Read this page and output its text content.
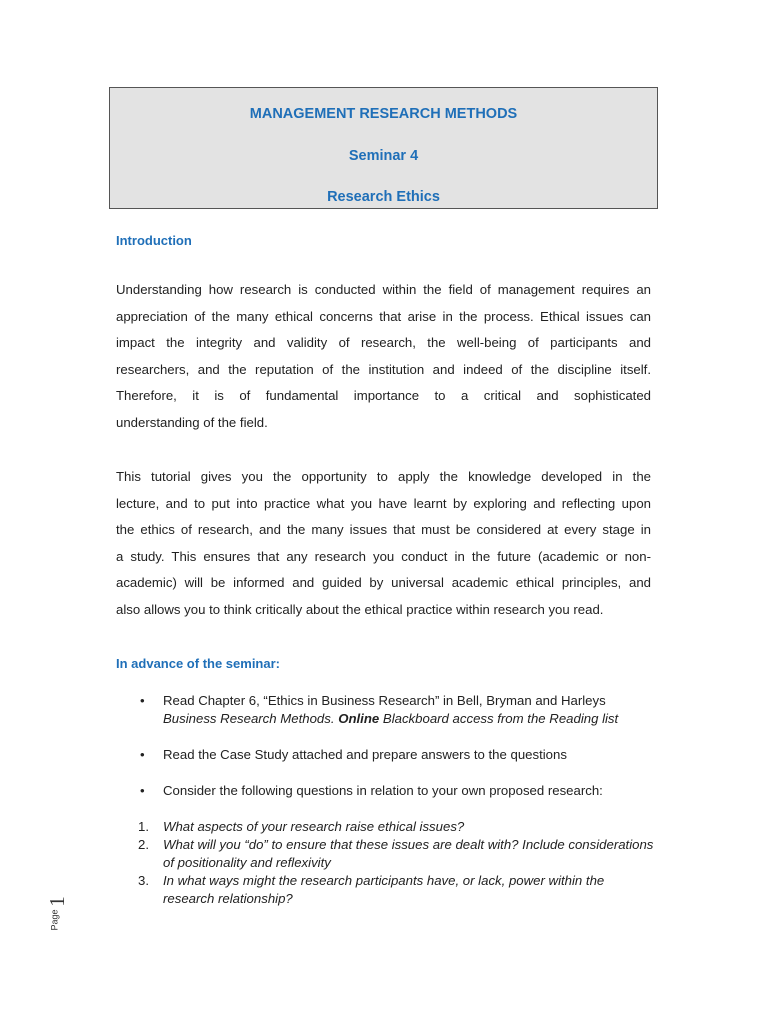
MANAGEMENT RESEARCH METHODS
Seminar 4
Research Ethics
Introduction
Understanding how research is conducted within the field of management requires an
appreciation of the many ethical concerns that arise in the process. Ethical issues can
impact the integrity and validity of research, the well-being of participants and
researchers, and the reputation of the institution and indeed of the discipline itself.
Therefore, it is of fundamental importance to a critical and sophisticated
understanding of the field.
This tutorial gives you the opportunity to apply the knowledge developed in the
lecture, and to put into practice what you have learnt by exploring and reflecting upon
the ethics of research, and the many issues that must be considered at every stage in
a study. This ensures that any research you conduct in the future (academic or non-
academic) will be informed and guided by universal academic ethical principles, and
also allows you to think critically about the ethical practice within research you read.
In advance of the seminar:
•	Read Chapter 6, “Ethics in Business Research” in Bell, Bryman and Harleys
Business Research Methods. Online Blackboard access from the Reading list
•	Read the Case Study attached and prepare answers to the questions
•	Consider the following questions in relation to your own proposed research:
1. What aspects of your research raise ethical issues?
2. What will you “do” to ensure that these issues are dealt with? Include considerations of positionality and reflexivity
3. In what ways might the research participants have, or lack, power within the research relationship?
Page
1
